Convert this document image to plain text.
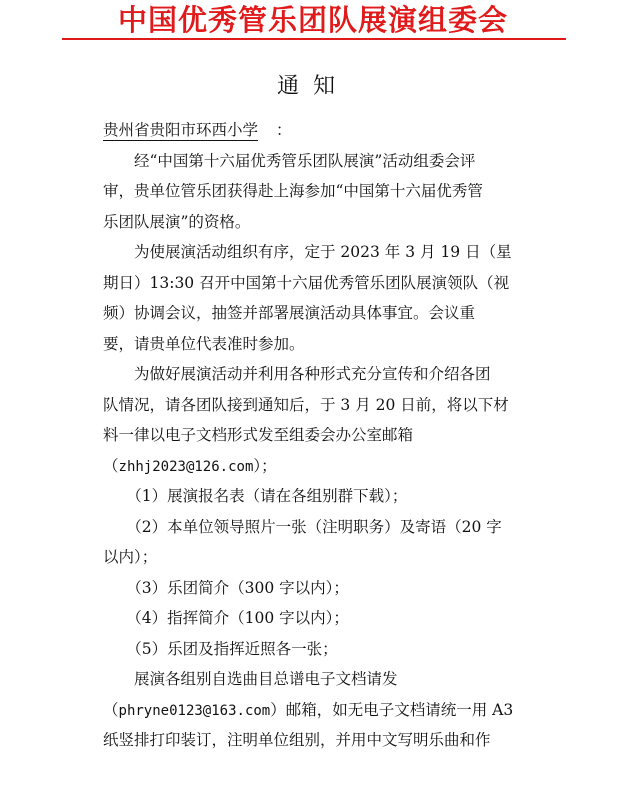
中国优秀管乐团队展演组委会
通知
贵州省贵阳市环西小学 ：
　　经“中国第十六届优秀管乐团队展演”活动组委会评
审，贵单位管乐团获得赴上海参加“中国第十六届优秀管
乐团队展演”的资格。
　　为使展演活动组织有序，定于 2023 年 3 月 19 日（星
期日）13:30 召开中国第十六届优秀管乐团队展演领队（视
频）协调会议，抽签并部署展演活动具体事宜。会议重
要，请贵单位代表准时参加。
　　为做好展演活动并利用各种形式充分宣传和介绍各团
队情况，请各团队接到通知后，于 3 月 20 日前，将以下材
料一律以电子文档形式发至组委会办公室邮箱
（zhhj2023@126.com）；
　　（1）展演报名表（请在各组别群下载）；
　　（2）本单位领导照片一张（注明职务）及寄语（20 字
以内）；
　　（3）乐团简介（300 字以内）；
　　（4）指挥简介（100 字以内）；
　　（5）乐团及指挥近照各一张；
　　展演各组别自选曲目总谱电子文档请发
（phryne0123@163.com）邮箱，如无电子文档请统一用 A3
纸竖排打印装订，注明单位组别，并用中文写明乐曲和作
